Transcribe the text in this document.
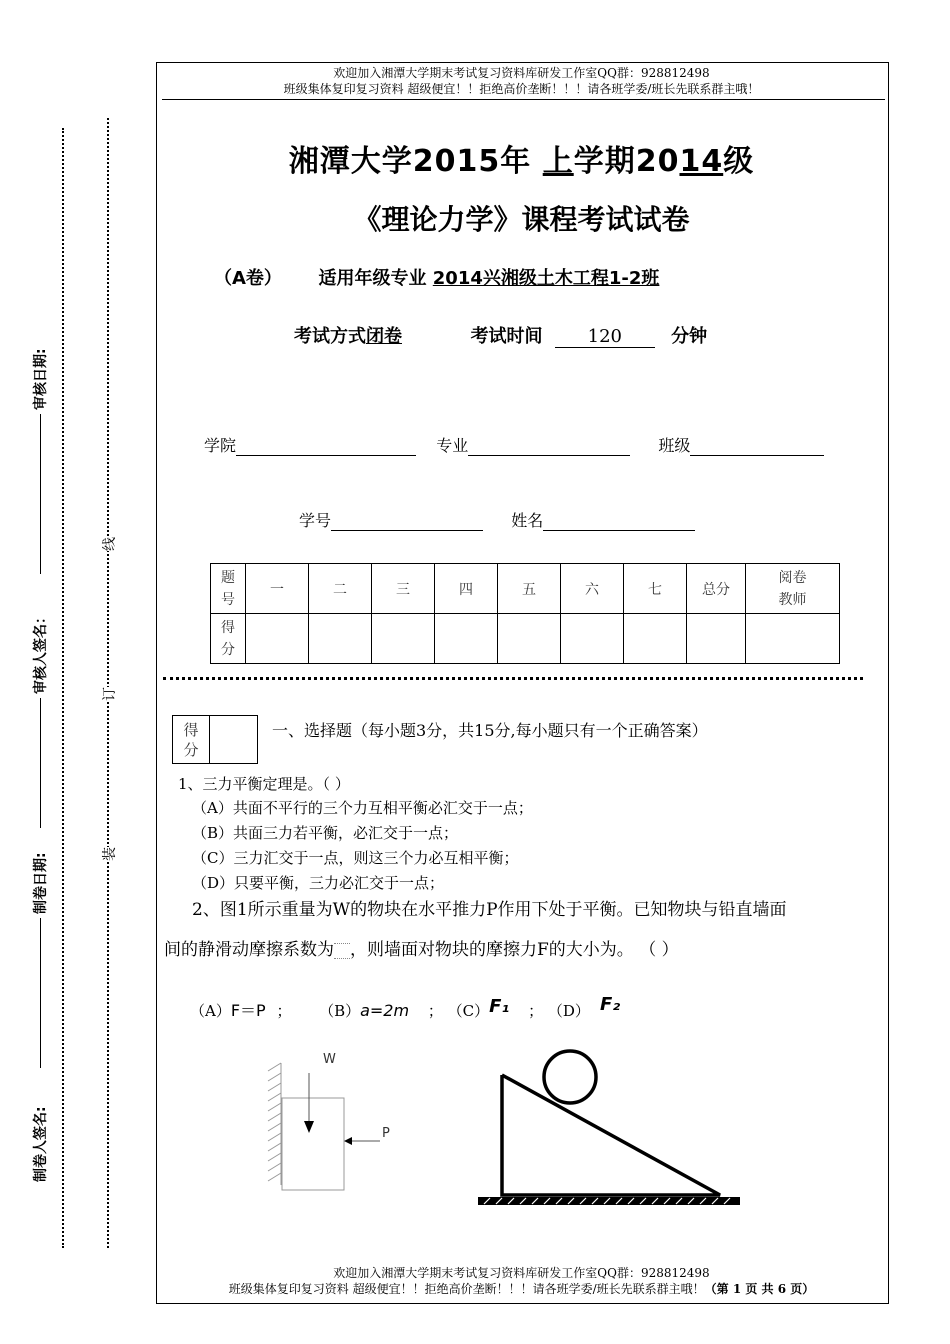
审核日期:
审核人签名：
制卷日期:
制卷人签名:
线
订
装
欢迎加入湘潭大学期末考试复习资料库研发工作室QQ群：928812498
班级集体复印复习资料 超级便宜！！拒绝高价垄断！！！请各班学委/班长先联系群主哦！
湘潭大学2015年 上学期2014级
《理论力学》课程考试试卷
（A卷） 适用年级专业 2014兴湘级土木工程1-2班
考试方式闭卷	考试时间	120	分钟
学院	专业	班级
学号	姓名
题号	一	二	三	四	五	六	七	总分	阅卷教师
得分									
得分	
一、选择题（每小题3分，共15分,每小题只有一个正确答案）
1、三力平衡定理是。（ ）
（A）共面不平行的三个力互相平衡必汇交于一点；
（B）共面三力若平衡，必汇交于一点；
（C）三力汇交于一点，则这三个力必互相平衡；
（D）只要平衡，三力必汇交于一点；
2、图1所示重量为W的物块在水平推力P作用下处于平衡。已知物块与铅直墙面
间的静滑动摩擦系数为 ，则墙面对物块的摩擦力F的大小为。 （ ）
（A）F＝P ； （B）a=2m ； （C）F₁ ； （D） F₂
W
P
欢迎加入湘潭大学期末考试复习资料库研发工作室QQ群：928812498
班级集体复印复习资料 超级便宜！！拒绝高价垄断！！！请各班学委/班长先联系群主哦！（第 1 页 共 6 页）
